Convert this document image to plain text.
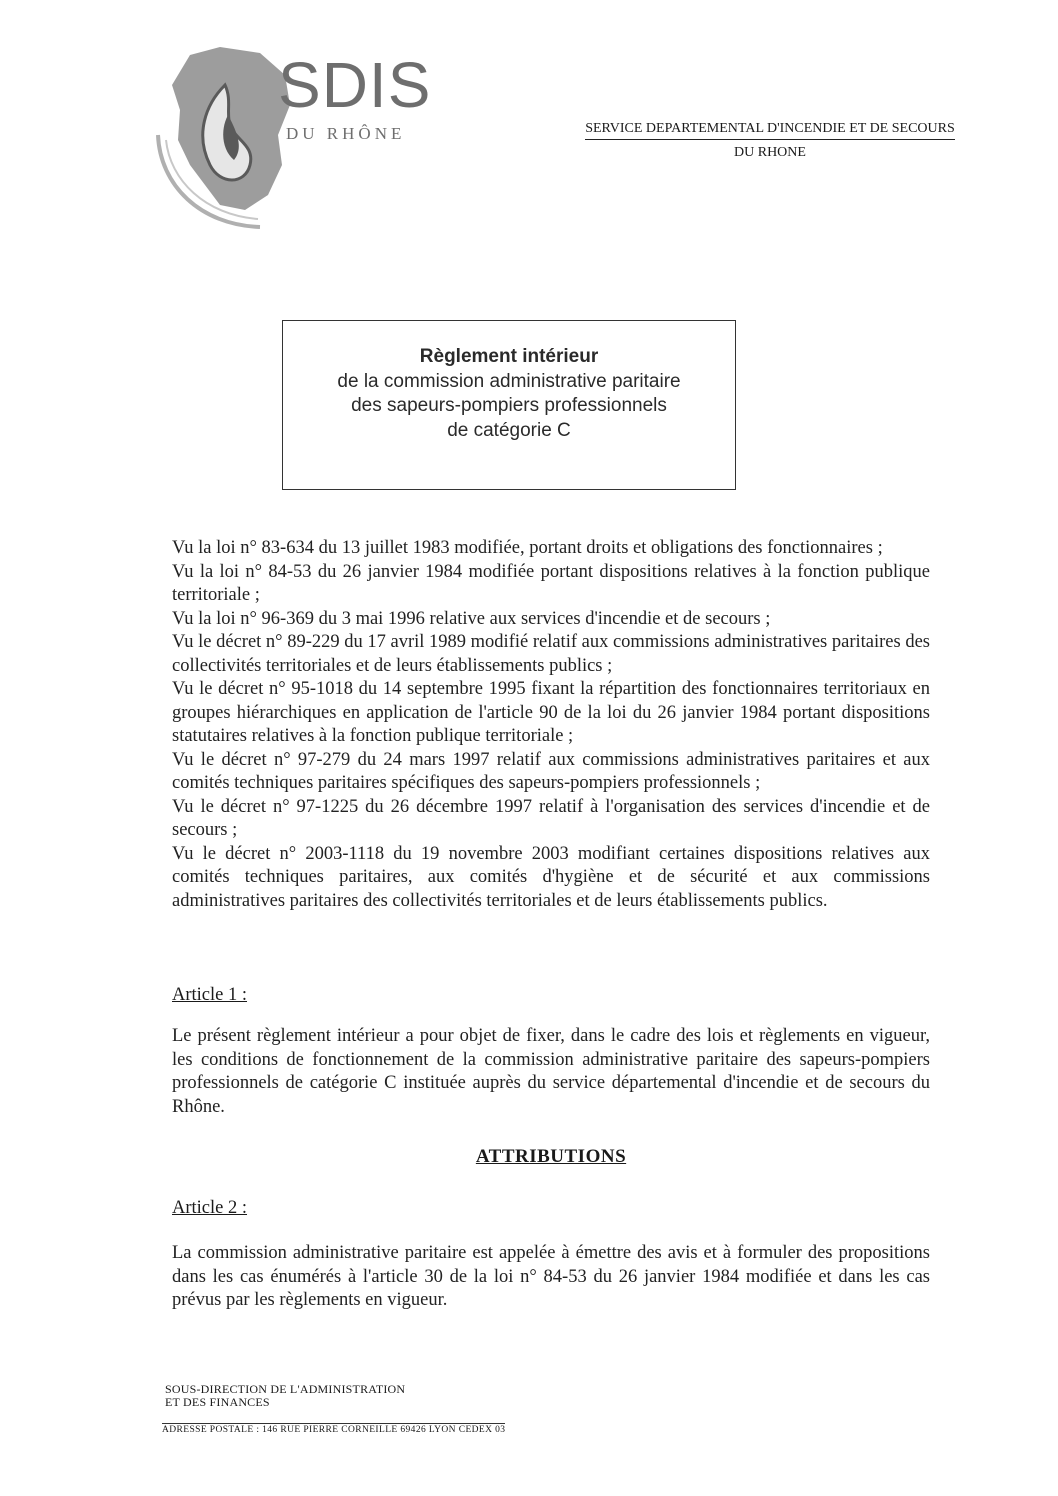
SDIS
DU RHÔNE	SERVICE DEPARTEMENTAL D'INCENDIE ET DE SECOURS
DU RHONE
Règlement intérieur
de la commission administrative paritaire
des sapeurs-pompiers professionnels
de catégorie C

Vu la loi n° 83-634 du 13 juillet 1983 modifiée, portant droits et obligations des fonctionnaires ;

Vu la loi n° 84-53 du 26 janvier 1984 modifiée portant dispositions relatives à la fonction publique territoriale ;

Vu la loi n° 96-369 du 3 mai 1996 relative aux services d'incendie et de secours ;

Vu le décret n° 89-229 du 17 avril 1989 modifié relatif aux commissions administratives paritaires des collectivités territoriales et de leurs établissements publics ;

Vu le décret n° 95-1018 du 14 septembre 1995 fixant la répartition des fonctionnaires territoriaux en groupes hiérarchiques en application de l'article 90 de la loi du 26 janvier 1984 portant dispositions statutaires relatives à la fonction publique territoriale ;

Vu le décret n° 97-279 du 24 mars 1997 relatif aux commissions administratives paritaires et aux comités techniques paritaires spécifiques des sapeurs-pompiers professionnels ;

Vu le décret n° 97-1225 du 26 décembre 1997 relatif à l'organisation des services d'incendie et de secours ;

Vu le décret n° 2003-1118 du 19 novembre 2003 modifiant certaines dispositions relatives aux comités techniques paritaires, aux comités d'hygiène et de sécurité et aux commissions administratives paritaires des collectivités territoriales et de leurs établissements publics.

Article 1 :

Le présent règlement intérieur a pour objet de fixer, dans le cadre des lois et règlements en vigueur, les conditions de fonctionnement de la commission administrative paritaire des sapeurs-pompiers professionnels de catégorie C instituée auprès du service départemental d'incendie et de secours du Rhône.

ATTRIBUTIONS
Article 2 :

La commission administrative paritaire est appelée à émettre des avis et à formuler des propositions dans les cas énumérés à l'article 30 de la loi n° 84-53 du 26 janvier 1984 modifiée et dans les cas prévus par les règlements en vigueur.

SOUS-DIRECTION DE L'ADMINISTRATION
ET DES FINANCES
ADRESSE POSTALE : 146 RUE PIERRE CORNEILLE 69426 LYON CEDEX 03
